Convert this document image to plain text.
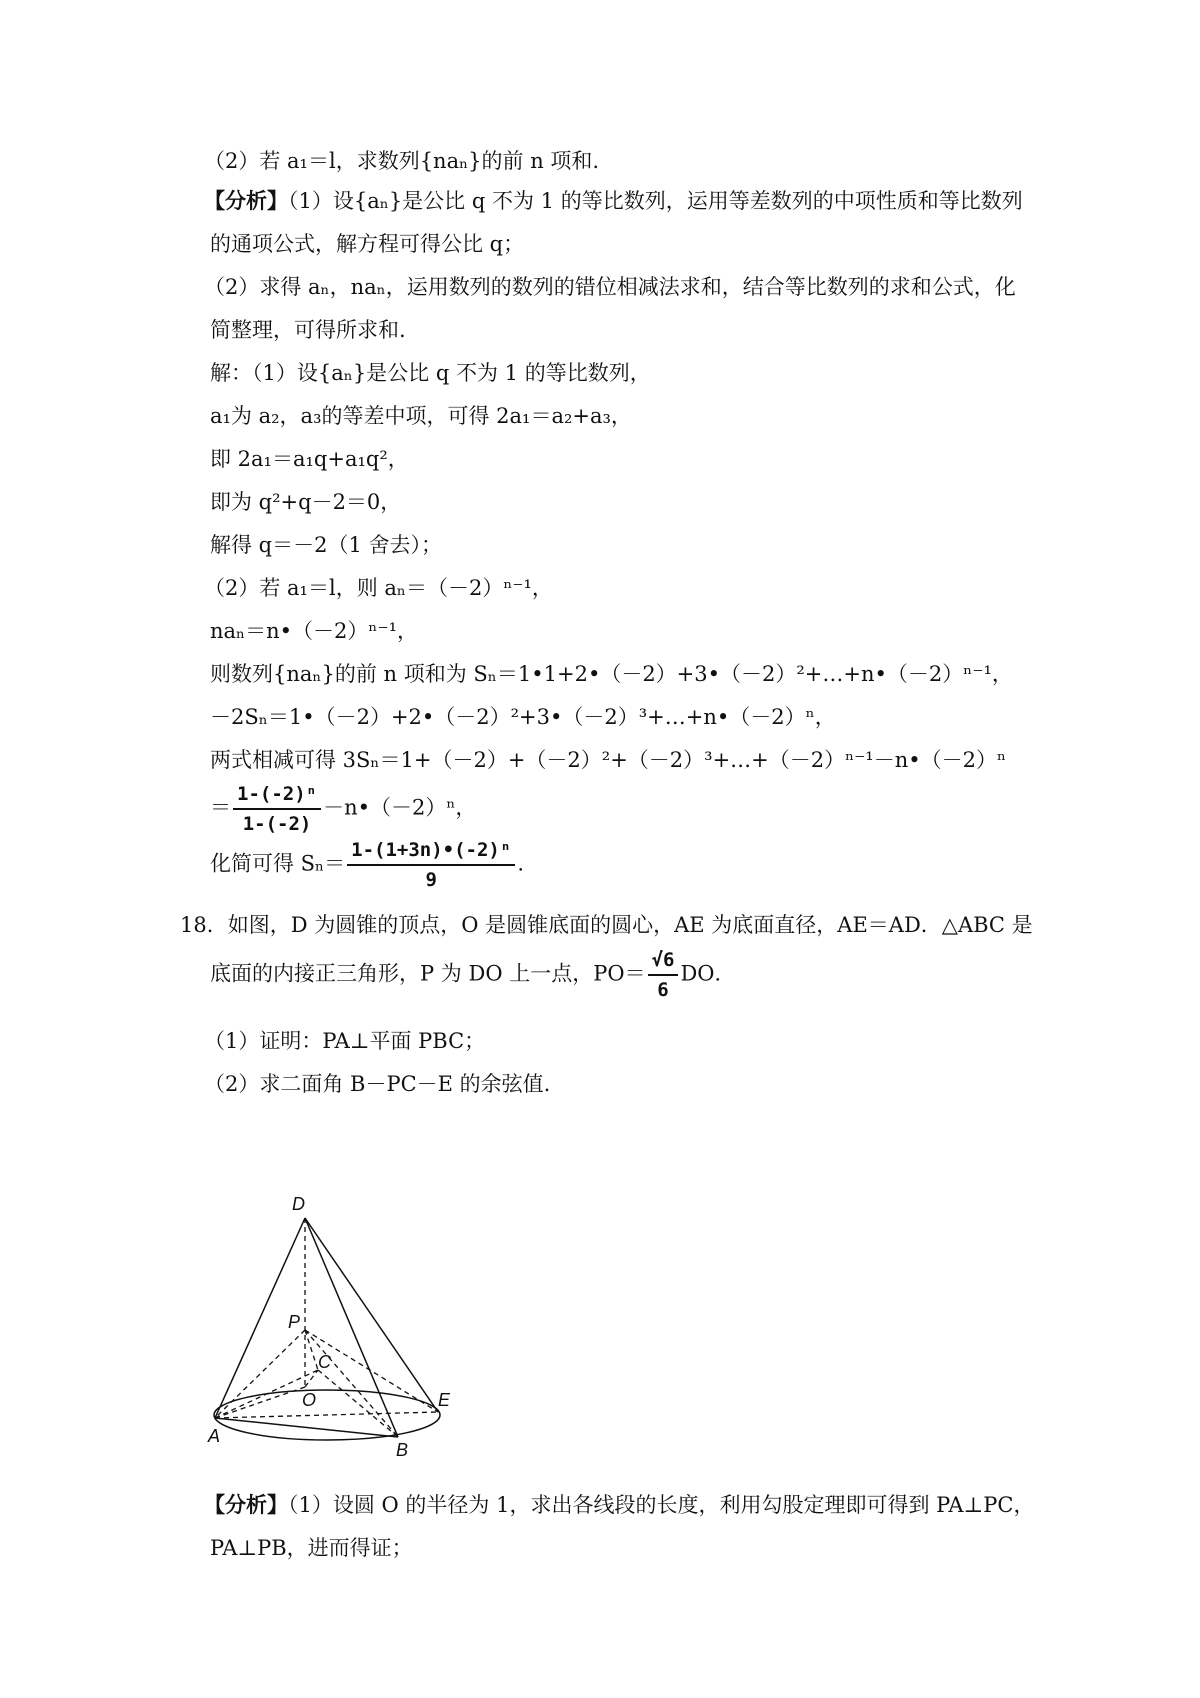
（2）若 a₁＝l，求数列{naₙ}的前 n 项和.
【分析】（1）设{aₙ}是公比 q 不为 1 的等比数列，运用等差数列的中项性质和等比数列
的通项公式，解方程可得公比 q；
（2）求得 aₙ，naₙ，运用数列的数列的错位相减法求和，结合等比数列的求和公式，化
简整理，可得所求和.
解：（1）设{aₙ}是公比 q 不为 1 的等比数列，
a₁为 a₂，a₃的等差中项，可得 2a₁＝a₂+a₃，
即 2a₁＝a₁q+a₁q²，
即为 q²+q－2＝0，
解得 q＝－2（1 舍去）；
（2）若 a₁＝l，则 aₙ＝（－2）ⁿ⁻¹，
naₙ＝n•（－2）ⁿ⁻¹，
则数列{naₙ}的前 n 项和为 Sₙ＝1•1+2•（－2）+3•（－2）²+…+n•（－2）ⁿ⁻¹，
－2Sₙ＝1•（－2）+2•（－2）²+3•（－2）³+…+n•（－2）ⁿ，
两式相减可得 3Sₙ＝1+（－2）+（－2）²+（－2）³+…+（－2）ⁿ⁻¹－n•（－2）ⁿ
＝ $\frac{\text{1-(-2)ⁿ}}{1-(-2)}$ －n•（－2）ⁿ，
化简可得 $S_n= \frac{\text{1-(1+3n)•(-2)ⁿ}}{9}$ .
18．如图，D 为圆锥的顶点，O 是圆锥底面的圆心，AE 为底面直径，AE＝AD．△ABC 是
底面的内接正三角形，P 为 DO 上一点，$PO= \frac{√6}{6}$ DO．
（1）证明：PA⊥平面 PBC；
（2）求二面角 B－PC－E 的余弦值.
D
P
C
O	E
A
B
【分析】（1）设圆 O 的半径为 1，求出各线段的长度，利用勾股定理即可得到 PA⊥PC，
PA⊥PB，进而得证；
